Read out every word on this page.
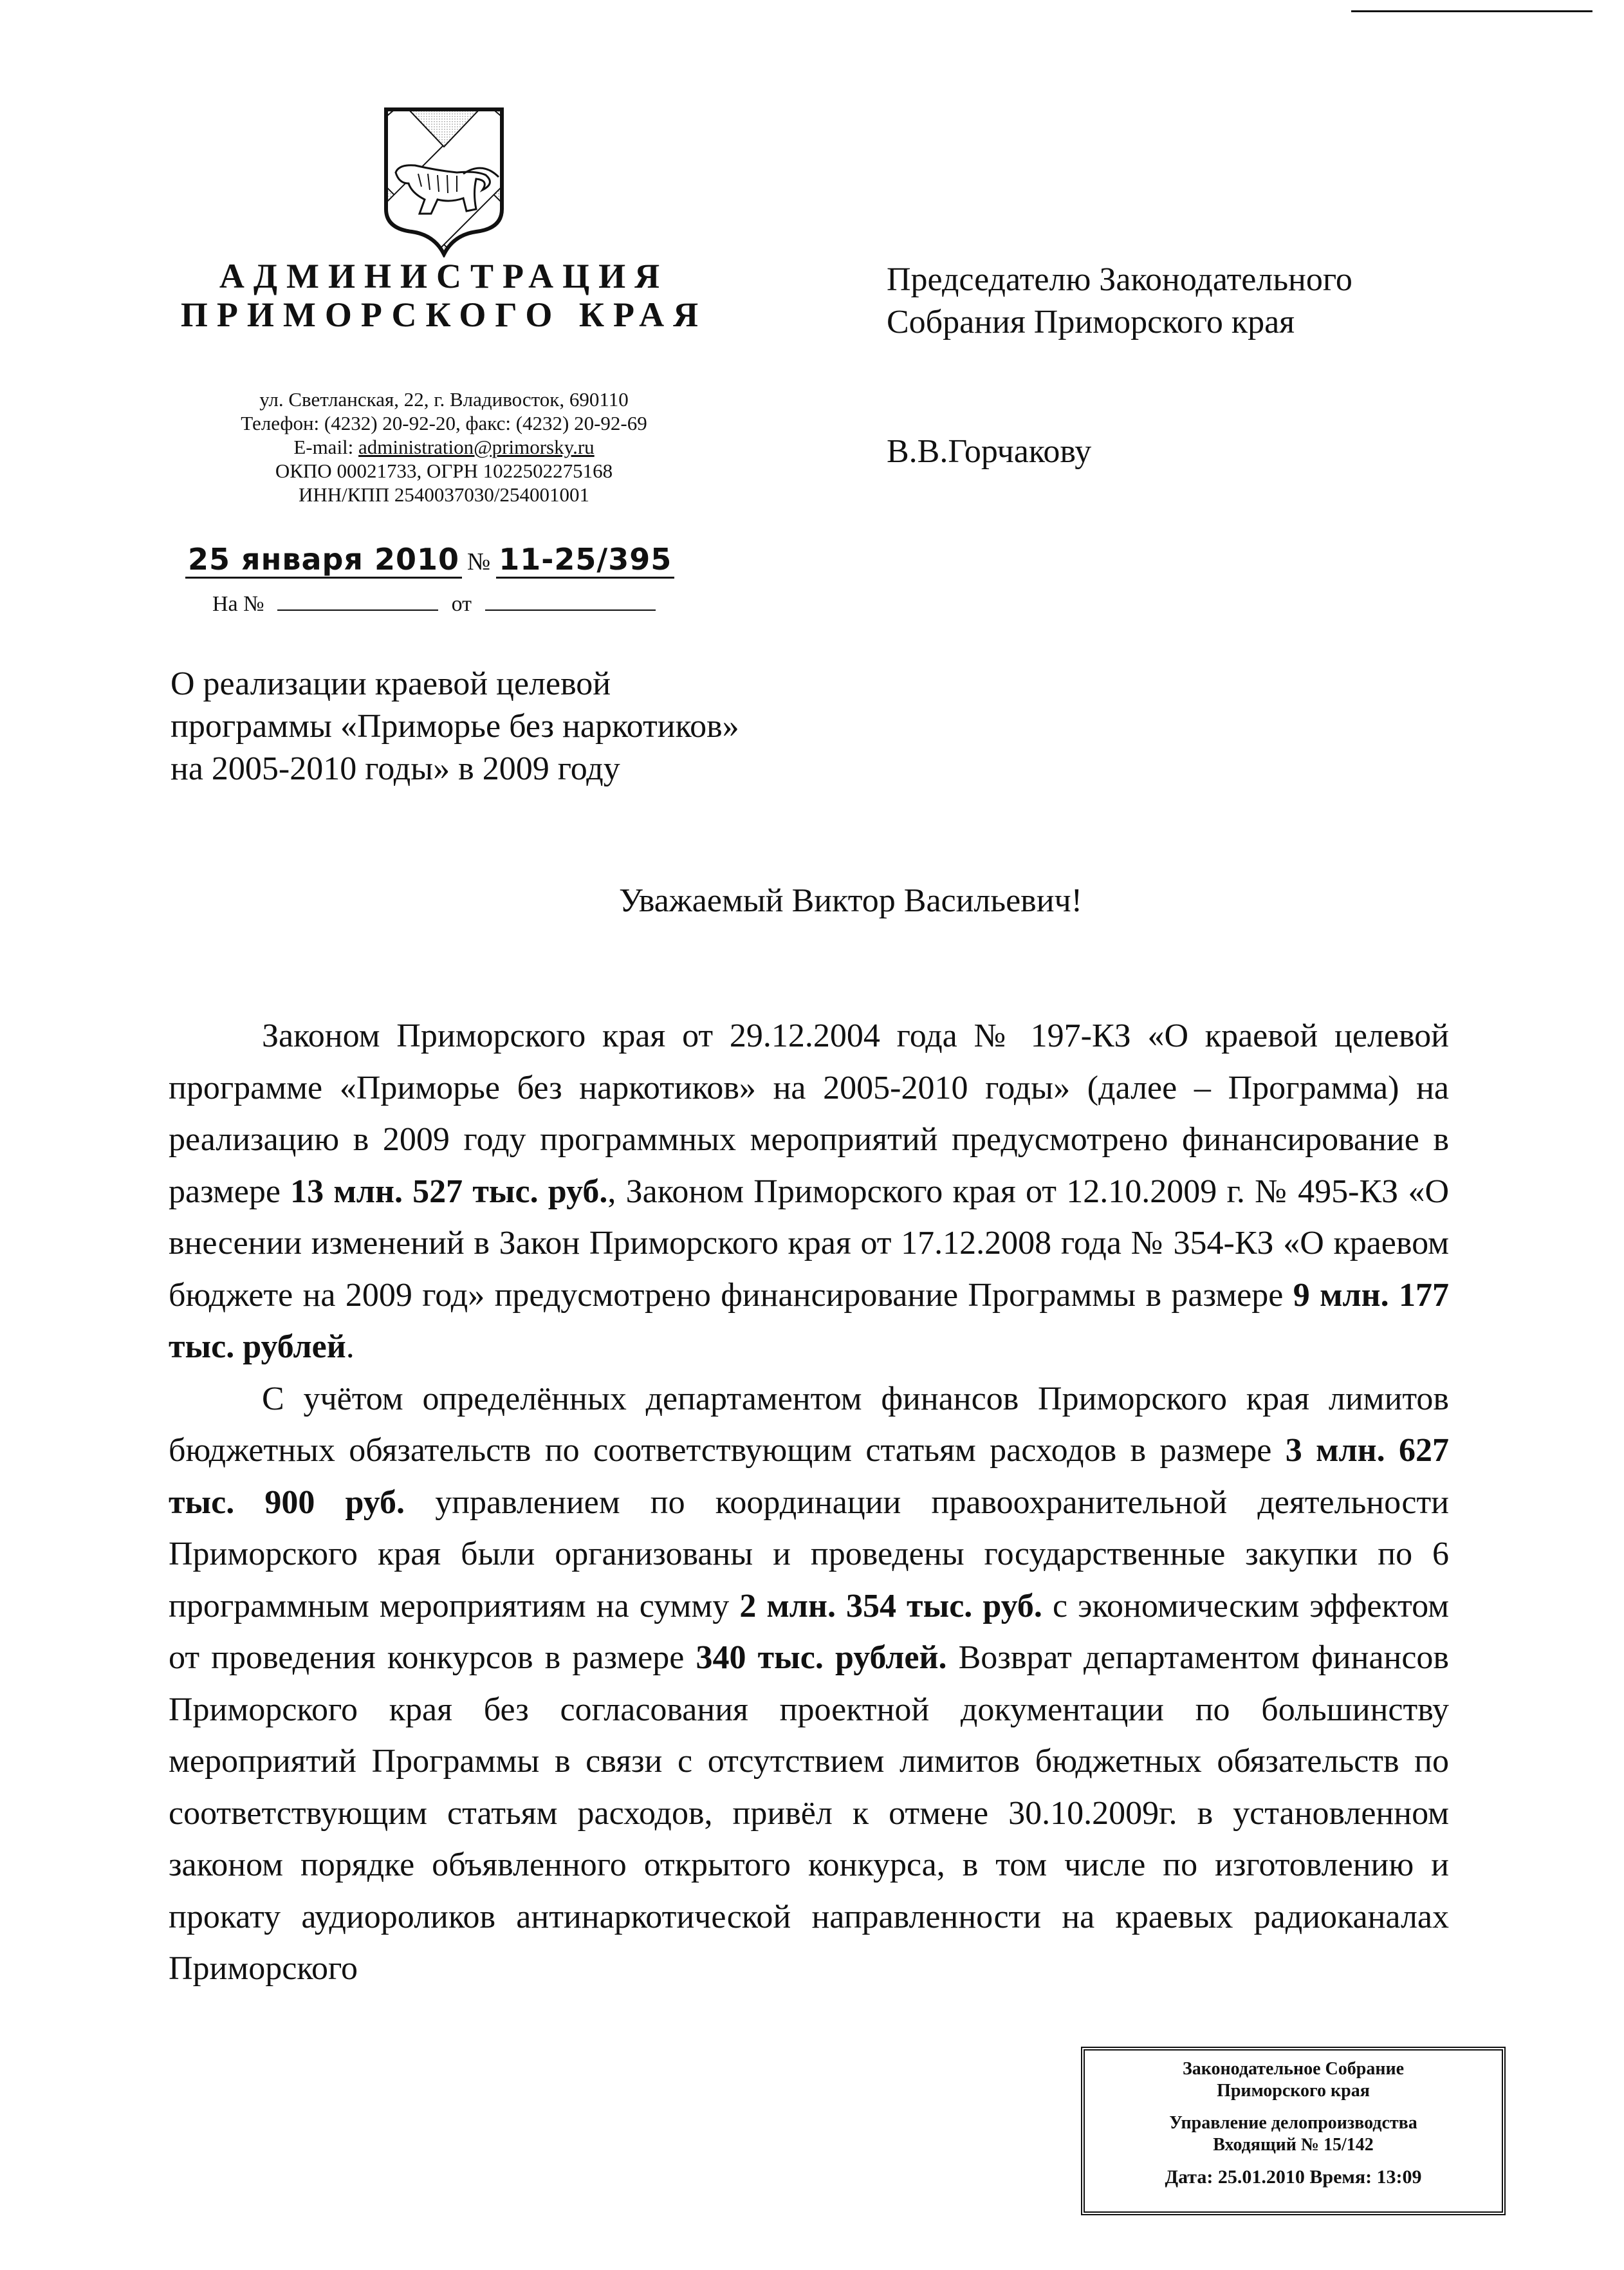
АДМИНИСТРАЦИЯ
ПРИМОРСКОГО КРАЯ
ул. Светланская, 22, г. Владивосток, 690110
Телефон: (4232) 20-92-20, факс: (4232) 20-92-69
E-mail: administration@primorsky.ru
ОКПО 00021733, ОГРН 1022502275168
ИНН/КПП 2540037030/254001001
25 января 2010 № 11-25/395
На №	от
Председателю Законодательного
Собрания Приморского края
В.В.Горчакову
О реализации краевой целевой
программы «Приморье без наркотиков»
на 2005-2010 годы» в 2009 году
Уважаемый Виктор Васильевич!

Законом Приморского края от 29.12.2004 года № 197-КЗ «О краевой целевой программе «Приморье без наркотиков» на 2005-2010 годы» (далее – Программа) на реализацию в 2009 году программных мероприятий предусмотрено финансирование в размере 13 млн. 527 тыс. руб., Законом Приморского края от 12.10.2009 г. № 495-КЗ «О внесении изменений в Закон Приморского края от 17.12.2008 года № 354-КЗ «О краевом бюджете на 2009 год» предусмотрено финансирование Программы в размере 9 млн. 177 тыс. рублей.

С учётом определённых департаментом финансов Приморского края лимитов бюджетных обязательств по соответствующим статьям расходов в размере 3 млн. 627 тыс. 900 руб. управлением по координации правоохранительной деятельности Приморского края были организованы и проведены государственные закупки по 6 программным мероприятиям на сумму 2 млн. 354 тыс. руб. с экономическим эффектом от проведения конкурсов в размере 340 тыс. рублей. Возврат департаментом финансов Приморского края без согласования проектной документации по большинству мероприятий Программы в связи с отсутствием лимитов бюджетных обязательств по соответствующим статьям расходов, привёл к отмене 30.10.2009г. в установленном законом порядке объявленного открытого конкурса, в том числе по изготовлению и прокату аудиороликов антинаркотической направленности на краевых радиоканалах Приморского

Законодательное Собрание
Приморского края
Управление делопроизводства
Входящий № 15/142
Дата: 25.01.2010 Время: 13:09
